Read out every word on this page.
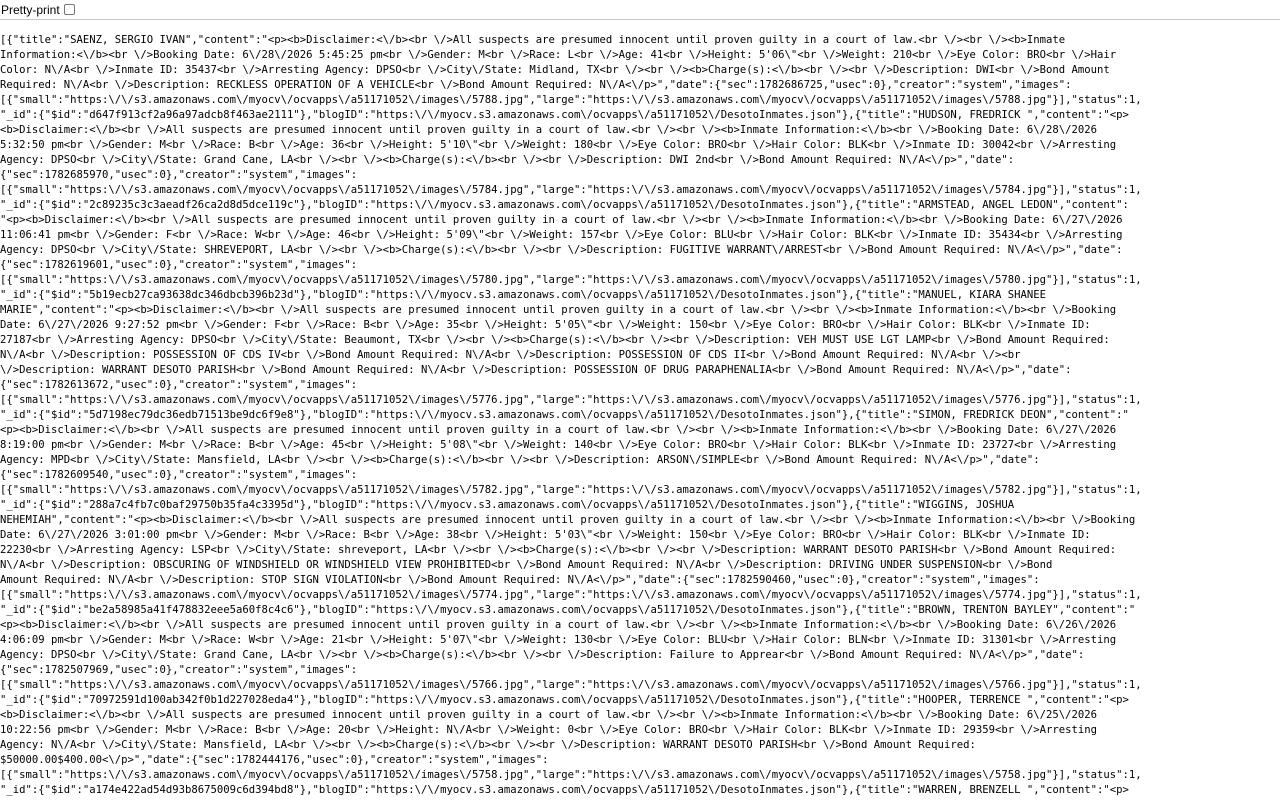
Pretty-print
[{"title":"SAENZ, SERGIO IVAN","content":"<p><b>Disclaimer:<\/b><br \/>All suspects are presumed innocent until proven guilty in a court of law.<br \/><br \/><b>Inmate
Information:<\/b><br \/>Booking Date: 6\/28\/2026 5:45:25 pm<br \/>Gender: M<br \/>Race: L<br \/>Age: 41<br \/>Height: 5'06\"<br \/>Weight: 210<br \/>Eye Color: BRO<br \/>Hair
Color: N\/A<br \/>Inmate ID: 35437<br \/>Arresting Agency: DPSO<br \/>City\/State: Midland, TX<br \/><br \/><b>Charge(s):<\/b><br \/><br \/>Description: DWI<br \/>Bond Amount
Required: N\/A<br \/>Description: RECKLESS OPERATION OF A VEHICLE<br \/>Bond Amount Required: N\/A<\/p>","date":{"sec":1782686725,"usec":0},"creator":"system","images":
[{"small":"https:\/\/s3.amazonaws.com\/myocv\/ocvapps\/a51171052\/images\/5788.jpg","large":"https:\/\/s3.amazonaws.com\/myocv\/ocvapps\/a51171052\/images\/5788.jpg"}],"status":1,
"_id":{"$id":"d647f913cf2a96a97adcb8f463ae2111"},"blogID":"https:\/\/myocv.s3.amazonaws.com\/ocvapps\/a51171052\/DesotoInmates.json"},{"title":"HUDSON, FREDRICK ","content":"<p>
<b>Disclaimer:<\/b><br \/>All suspects are presumed innocent until proven guilty in a court of law.<br \/><br \/><b>Inmate Information:<\/b><br \/>Booking Date: 6\/28\/2026
5:32:50 pm<br \/>Gender: M<br \/>Race: B<br \/>Age: 36<br \/>Height: 5'10\"<br \/>Weight: 180<br \/>Eye Color: BRO<br \/>Hair Color: BLK<br \/>Inmate ID: 30042<br \/>Arresting
Agency: DPSO<br \/>City\/State: Grand Cane, LA<br \/><br \/><b>Charge(s):<\/b><br \/><br \/>Description: DWI 2nd<br \/>Bond Amount Required: N\/A<\/p>","date":
{"sec":1782685970,"usec":0},"creator":"system","images":
[{"small":"https:\/\/s3.amazonaws.com\/myocv\/ocvapps\/a51171052\/images\/5784.jpg","large":"https:\/\/s3.amazonaws.com\/myocv\/ocvapps\/a51171052\/images\/5784.jpg"}],"status":1,
"_id":{"$id":"2c89235c3c3aeadf26ca2d8d5dce119c"},"blogID":"https:\/\/myocv.s3.amazonaws.com\/ocvapps\/a51171052\/DesotoInmates.json"},{"title":"ARMSTEAD, ANGEL LEDON","content":
"<p><b>Disclaimer:<\/b><br \/>All suspects are presumed innocent until proven guilty in a court of law.<br \/><br \/><b>Inmate Information:<\/b><br \/>Booking Date: 6\/27\/2026
11:06:41 pm<br \/>Gender: F<br \/>Race: W<br \/>Age: 46<br \/>Height: 5'09\"<br \/>Weight: 157<br \/>Eye Color: BLU<br \/>Hair Color: BLK<br \/>Inmate ID: 35434<br \/>Arresting
Agency: DPSO<br \/>City\/State: SHREVEPORT, LA<br \/><br \/><b>Charge(s):<\/b><br \/><br \/>Description: FUGITIVE WARRANT\/ARREST<br \/>Bond Amount Required: N\/A<\/p>","date":
{"sec":1782619601,"usec":0},"creator":"system","images":
[{"small":"https:\/\/s3.amazonaws.com\/myocv\/ocvapps\/a51171052\/images\/5780.jpg","large":"https:\/\/s3.amazonaws.com\/myocv\/ocvapps\/a51171052\/images\/5780.jpg"}],"status":1,
"_id":{"$id":"5b19ecb27ca93638dc346dbcb396b23d"},"blogID":"https:\/\/myocv.s3.amazonaws.com\/ocvapps\/a51171052\/DesotoInmates.json"},{"title":"MANUEL, KIARA SHANEE
MARIE","content":"<p><b>Disclaimer:<\/b><br \/>All suspects are presumed innocent until proven guilty in a court of law.<br \/><br \/><b>Inmate Information:<\/b><br \/>Booking
Date: 6\/27\/2026 9:27:52 pm<br \/>Gender: F<br \/>Race: B<br \/>Age: 35<br \/>Height: 5'05\"<br \/>Weight: 150<br \/>Eye Color: BRO<br \/>Hair Color: BLK<br \/>Inmate ID:
27187<br \/>Arresting Agency: DPSO<br \/>City\/State: Beaumont, TX<br \/><br \/><b>Charge(s):<\/b><br \/><br \/>Description: VEH MUST USE LGT LAMP<br \/>Bond Amount Required:
N\/A<br \/>Description: POSSESSION OF CDS IV<br \/>Bond Amount Required: N\/A<br \/>Description: POSSESSION OF CDS II<br \/>Bond Amount Required: N\/A<br \/><br
\/>Description: WARRANT DESOTO PARISH<br \/>Bond Amount Required: N\/A<br \/>Description: POSSESSION OF DRUG PARAPHENALIA<br \/>Bond Amount Required: N\/A<\/p>","date":
{"sec":1782613672,"usec":0},"creator":"system","images":
[{"small":"https:\/\/s3.amazonaws.com\/myocv\/ocvapps\/a51171052\/images\/5776.jpg","large":"https:\/\/s3.amazonaws.com\/myocv\/ocvapps\/a51171052\/images\/5776.jpg"}],"status":1,
"_id":{"$id":"5d7198ec79dc36edb71513be9dc6f9e8"},"blogID":"https:\/\/myocv.s3.amazonaws.com\/ocvapps\/a51171052\/DesotoInmates.json"},{"title":"SIMON, FREDRICK DEON","content":"
<p><b>Disclaimer:<\/b><br \/>All suspects are presumed innocent until proven guilty in a court of law.<br \/><br \/><b>Inmate Information:<\/b><br \/>Booking Date: 6\/27\/2026
8:19:00 pm<br \/>Gender: M<br \/>Race: B<br \/>Age: 45<br \/>Height: 5'08\"<br \/>Weight: 140<br \/>Eye Color: BRO<br \/>Hair Color: BLK<br \/>Inmate ID: 23727<br \/>Arresting
Agency: MPD<br \/>City\/State: Mansfield, LA<br \/><br \/><b>Charge(s):<\/b><br \/><br \/>Description: ARSON\/SIMPLE<br \/>Bond Amount Required: N\/A<\/p>","date":
{"sec":1782609540,"usec":0},"creator":"system","images":
[{"small":"https:\/\/s3.amazonaws.com\/myocv\/ocvapps\/a51171052\/images\/5782.jpg","large":"https:\/\/s3.amazonaws.com\/myocv\/ocvapps\/a51171052\/images\/5782.jpg"}],"status":1,
"_id":{"$id":"288a7c4fb7c0baf29750b35fa4c3395d"},"blogID":"https:\/\/myocv.s3.amazonaws.com\/ocvapps\/a51171052\/DesotoInmates.json"},{"title":"WIGGINS, JOSHUA
NEHEMIAH","content":"<p><b>Disclaimer:<\/b><br \/>All suspects are presumed innocent until proven guilty in a court of law.<br \/><br \/><b>Inmate Information:<\/b><br \/>Booking
Date: 6\/27\/2026 3:01:00 pm<br \/>Gender: M<br \/>Race: B<br \/>Age: 38<br \/>Height: 5'03\"<br \/>Weight: 150<br \/>Eye Color: BRO<br \/>Hair Color: BLK<br \/>Inmate ID:
22230<br \/>Arresting Agency: LSP<br \/>City\/State: shreveport, LA<br \/><br \/><b>Charge(s):<\/b><br \/><br \/>Description: WARRANT DESOTO PARISH<br \/>Bond Amount Required:
N\/A<br \/>Description: OBSCURING OF WINDSHIELD OR WINDSHIELD VIEW PROHIBITED<br \/>Bond Amount Required: N\/A<br \/>Description: DRIVING UNDER SUSPENSION<br \/>Bond
Amount Required: N\/A<br \/>Description: STOP SIGN VIOLATION<br \/>Bond Amount Required: N\/A<\/p>","date":{"sec":1782590460,"usec":0},"creator":"system","images":
[{"small":"https:\/\/s3.amazonaws.com\/myocv\/ocvapps\/a51171052\/images\/5774.jpg","large":"https:\/\/s3.amazonaws.com\/myocv\/ocvapps\/a51171052\/images\/5774.jpg"}],"status":1,
"_id":{"$id":"be2a58985a41f478832eee5a60f8c4c6"},"blogID":"https:\/\/myocv.s3.amazonaws.com\/ocvapps\/a51171052\/DesotoInmates.json"},{"title":"BROWN, TRENTON BAYLEY","content":"
<p><b>Disclaimer:<\/b><br \/>All suspects are presumed innocent until proven guilty in a court of law.<br \/><br \/><b>Inmate Information:<\/b><br \/>Booking Date: 6\/26\/2026
4:06:09 pm<br \/>Gender: M<br \/>Race: W<br \/>Age: 21<br \/>Height: 5'07\"<br \/>Weight: 130<br \/>Eye Color: BLU<br \/>Hair Color: BLN<br \/>Inmate ID: 31301<br \/>Arresting
Agency: DPSO<br \/>City\/State: Grand Cane, LA<br \/><br \/><b>Charge(s):<\/b><br \/><br \/>Description: Failure to Apprear<br \/>Bond Amount Required: N\/A<\/p>","date":
{"sec":1782507969,"usec":0},"creator":"system","images":
[{"small":"https:\/\/s3.amazonaws.com\/myocv\/ocvapps\/a51171052\/images\/5766.jpg","large":"https:\/\/s3.amazonaws.com\/myocv\/ocvapps\/a51171052\/images\/5766.jpg"}],"status":1,
"_id":{"$id":"70972591d100ab342f0b1d227028eda4"},"blogID":"https:\/\/myocv.s3.amazonaws.com\/ocvapps\/a51171052\/DesotoInmates.json"},{"title":"HOOPER, TERRENCE ","content":"<p>
<b>Disclaimer:<\/b><br \/>All suspects are presumed innocent until proven guilty in a court of law.<br \/><br \/><b>Inmate Information:<\/b><br \/>Booking Date: 6\/25\/2026
10:22:56 pm<br \/>Gender: M<br \/>Race: B<br \/>Age: 20<br \/>Height: N\/A<br \/>Weight: 0<br \/>Eye Color: BRO<br \/>Hair Color: BLK<br \/>Inmate ID: 29359<br \/>Arresting
Agency: N\/A<br \/>City\/State: Mansfield, LA<br \/><br \/><b>Charge(s):<\/b><br \/><br \/>Description: WARRANT DESOTO PARISH<br \/>Bond Amount Required:
$50000.00$400.00<\/p>","date":{"sec":1782444176,"usec":0},"creator":"system","images":
[{"small":"https:\/\/s3.amazonaws.com\/myocv\/ocvapps\/a51171052\/images\/5758.jpg","large":"https:\/\/s3.amazonaws.com\/myocv\/ocvapps\/a51171052\/images\/5758.jpg"}],"status":1,
"_id":{"$id":"a174e422ad54d93b8675009c6d394bd8"},"blogID":"https:\/\/myocv.s3.amazonaws.com\/ocvapps\/a51171052\/DesotoInmates.json"},{"title":"WARREN, BRENZELL ","content":"<p>
